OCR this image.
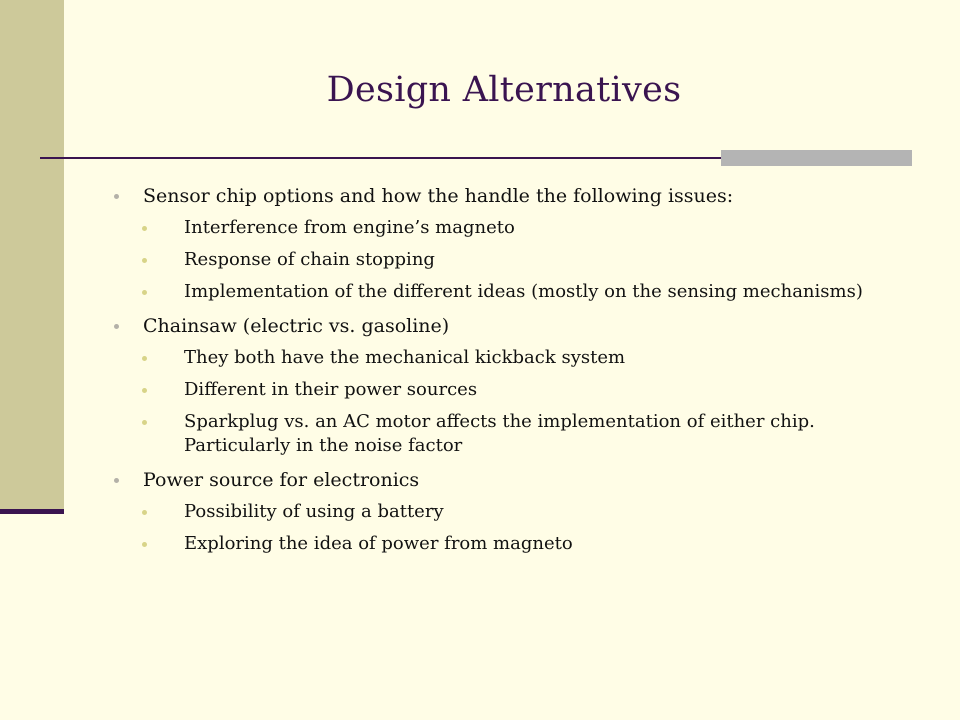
Design Alternatives
Sensor chip options and how the handle the following issues:
Interference from engine’s magneto
Response of chain stopping
Implementation of the different ideas (mostly on the sensing mechanisms)
Chainsaw (electric vs. gasoline)
They both have the mechanical kickback system
Different in their power sources
Sparkplug vs. an AC motor affects the implementation of either chip. Particularly in the noise factor
Power source for electronics
Possibility of using a battery
Exploring the idea of power from magneto
